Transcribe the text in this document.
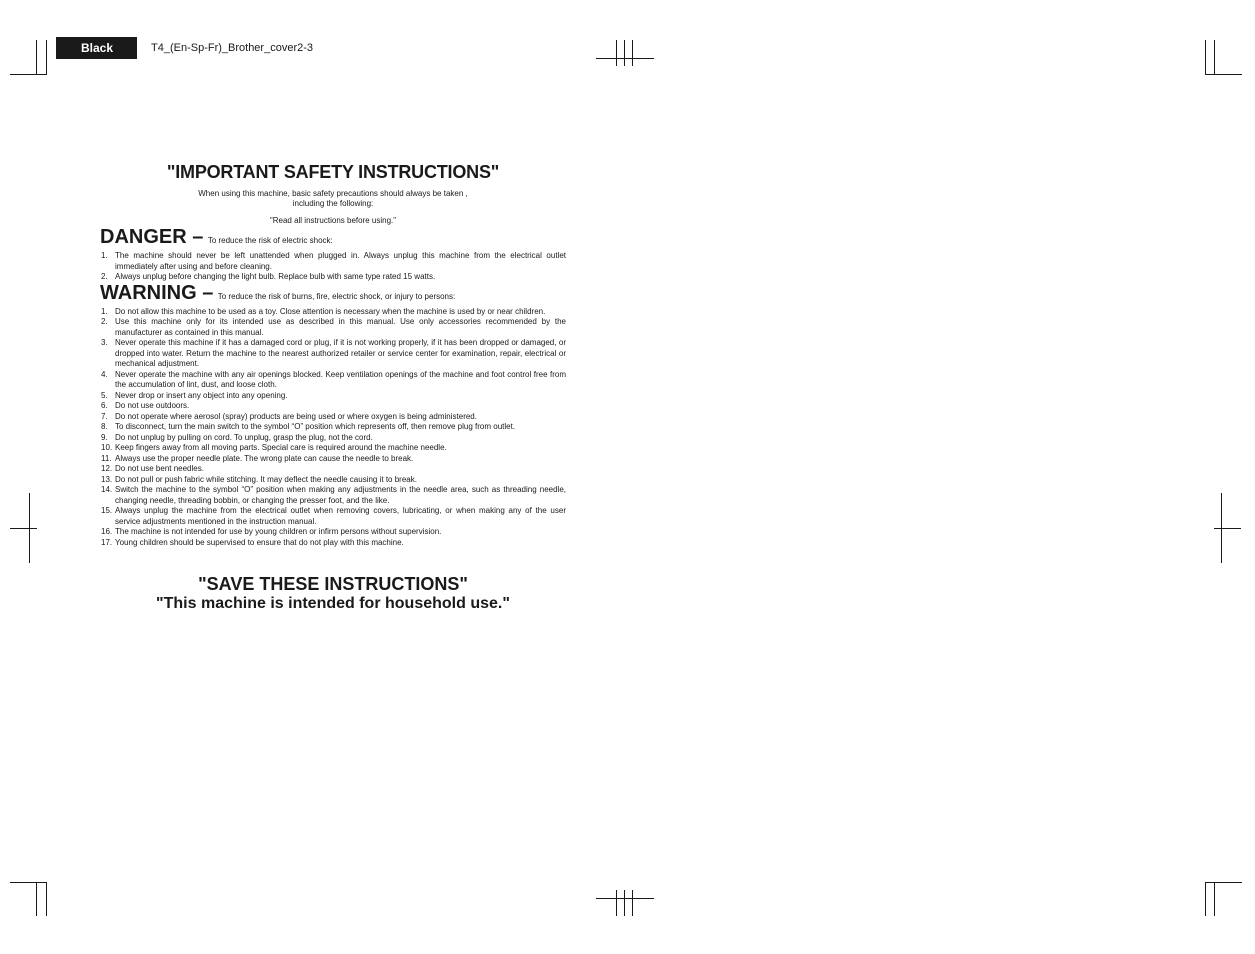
Black	T4_(En-Sp-Fr)_Brother_cover2-3
"IMPORTANT SAFETY INSTRUCTIONS"

When using this machine, basic safety precautions should always be taken ,

including the following:

"Read all instructions before using."

DANGER – To reduce the risk of electric shock:
1. The machine should never be left unattended when plugged in. Always unplug this machine from the electrical outlet immediately after using and before cleaning.
2. Always unplug before changing the light bulb. Replace bulb with same type rated 15 watts.
WARNING – To reduce the risk of burns, fire, electric shock, or injury to persons:
1. Do not allow this machine to be used as a toy. Close attention is necessary when the machine is used by or near children.
2. Use this machine only for its intended use as described in this manual. Use only accessories recommended by the manufacturer as contained in this manual.
3. Never operate this machine if it has a damaged cord or plug, if it is not working properly, if it has been dropped or damaged, or dropped into water. Return the machine to the nearest authorized retailer or service center for examination, repair, electrical or mechanical adjustment.
4. Never operate the machine with any air openings blocked. Keep ventilation openings of the machine and foot control free from the accumulation of lint, dust, and loose cloth.
5. Never drop or insert any object into any opening.
6. Do not use outdoors.
7. Do not operate where aerosol (spray) products are being used or where oxygen is being administered.
8. To disconnect, turn the main switch to the symbol “O” position which represents off, then remove plug from outlet.
9. Do not unplug by pulling on cord. To unplug, grasp the plug, not the cord.
10. Keep fingers away from all moving parts. Special care is required around the machine needle.
11. Always use the proper needle plate. The wrong plate can cause the needle to break.
12. Do not use bent needles.
13. Do not pull or push fabric while stitching. It may deflect the needle causing it to break.
14. Switch the machine to the symbol “O” position when making any adjustments in the needle area, such as threading needle, changing needle, threading bobbin, or changing the presser foot, and the like.
15. Always unplug the machine from the electrical outlet when removing covers, lubricating, or when making any of the user service adjustments mentioned in the instruction manual.
16. The machine is not intended for use by young children or infirm persons without supervision.
17. Young children should be supervised to ensure that do not play with this machine.

"SAVE THESE INSTRUCTIONS"

"This machine is intended for household use."
